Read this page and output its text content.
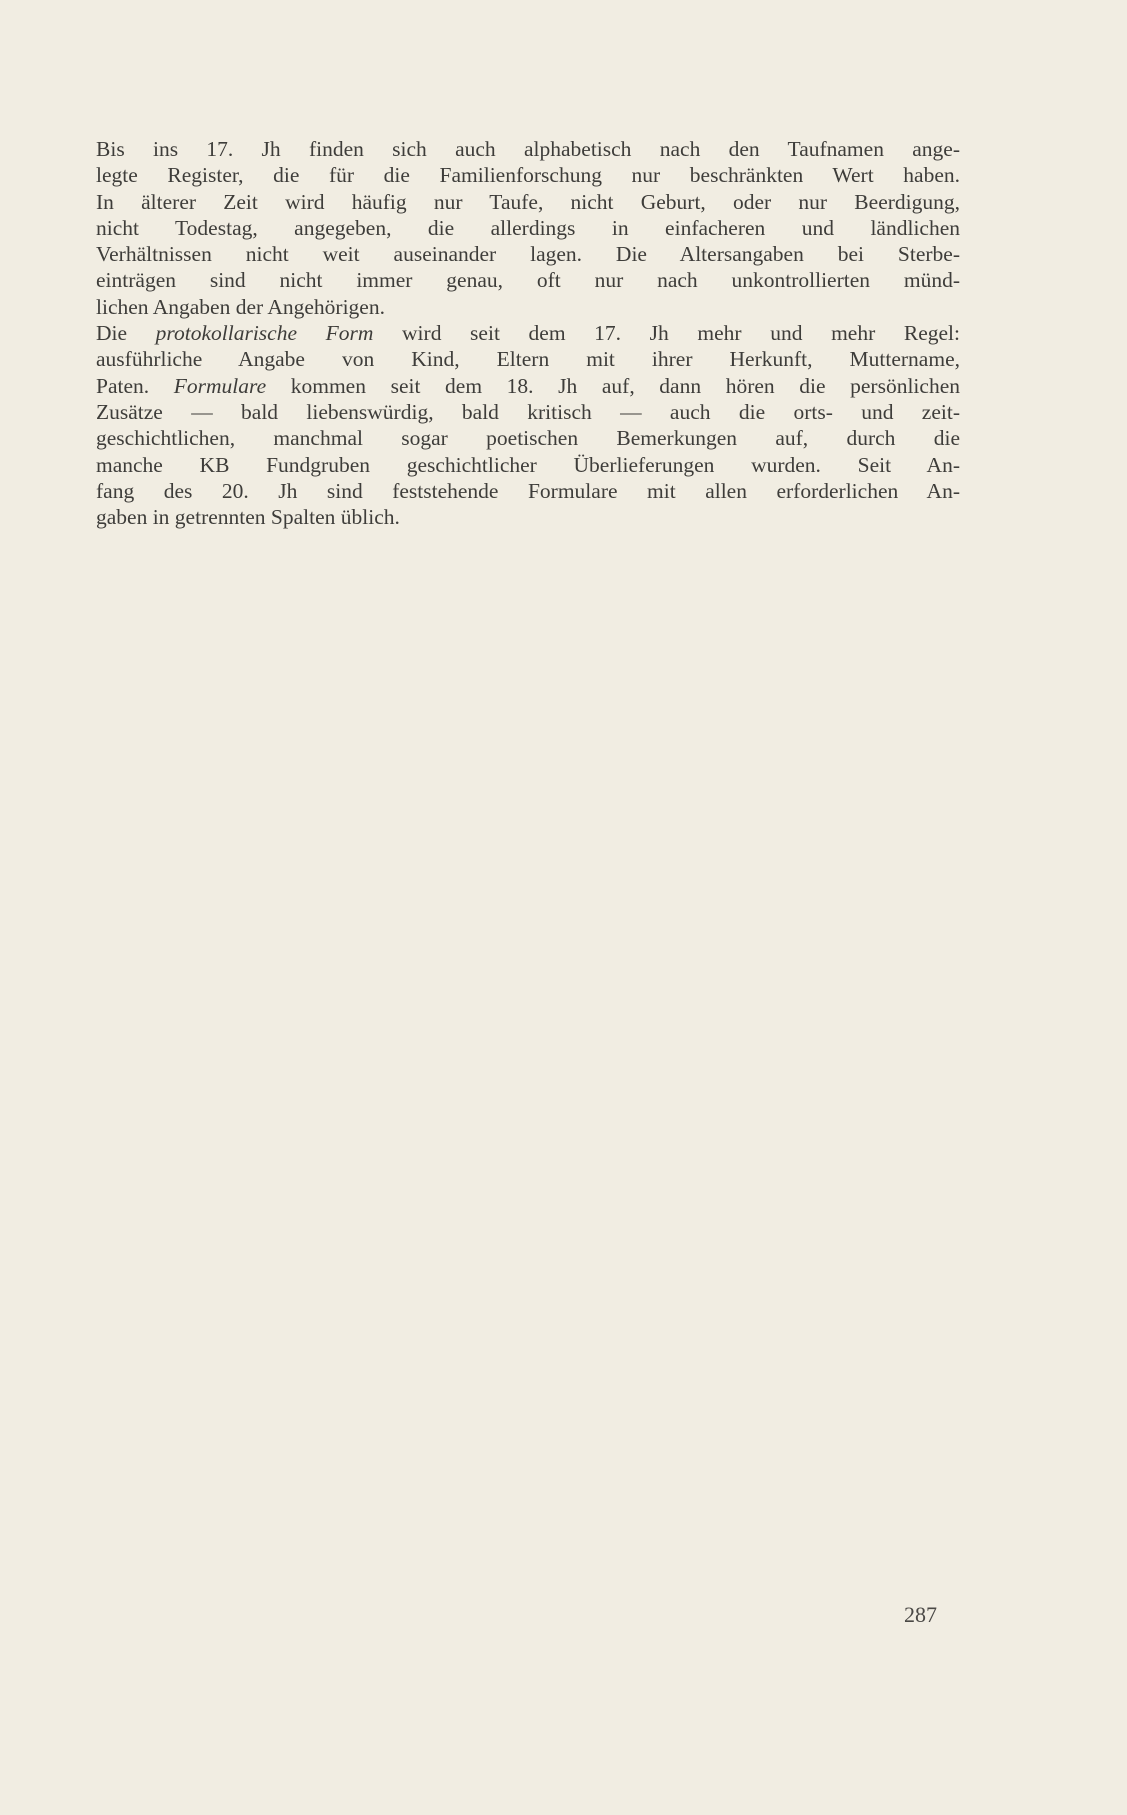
Bis ins 17. Jh finden sich auch alphabetisch nach den Taufnamen ange-
legte Register, die für die Familienforschung nur beschränkten Wert haben.
In älterer Zeit wird häufig nur Taufe, nicht Geburt, oder nur Beerdigung,
nicht Todestag, angegeben, die allerdings in einfacheren und ländlichen
Verhältnissen nicht weit auseinander lagen. Die Altersangaben bei Sterbe-
einträgen sind nicht immer genau, oft nur nach unkontrollierten münd-
lichen Angaben der Angehörigen.
Die protokollarische Form wird seit dem 17. Jh mehr und mehr Regel:
ausführliche Angabe von Kind, Eltern mit ihrer Herkunft, Muttername,
Paten. Formulare kommen seit dem 18. Jh auf, dann hören die persönlichen
Zusätze — bald liebenswürdig, bald kritisch — auch die orts- und zeit-
geschichtlichen, manchmal sogar poetischen Bemerkungen auf, durch die
manche KB Fundgruben geschichtlicher Überlieferungen wurden. Seit An-
fang des 20. Jh sind feststehende Formulare mit allen erforderlichen An-
gaben in getrennten Spalten üblich.
287
